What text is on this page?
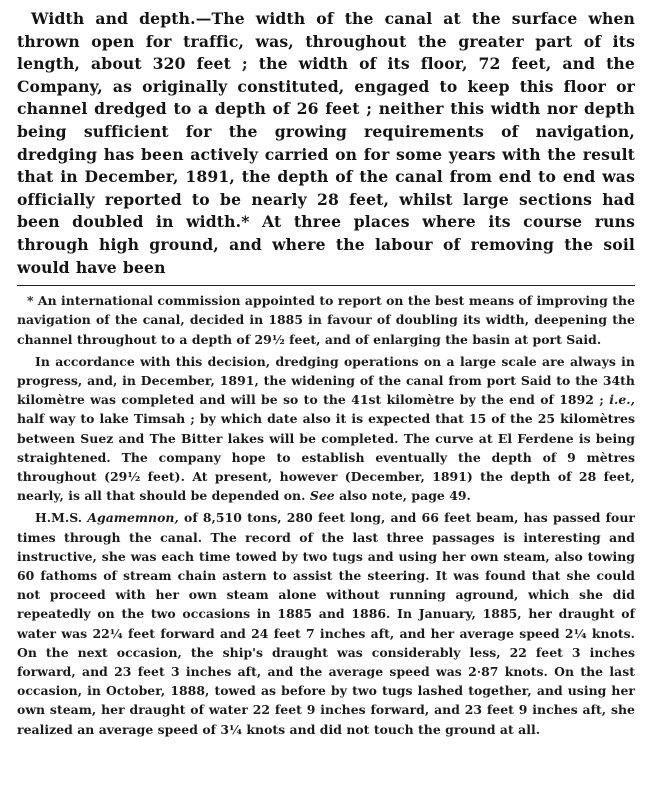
Width and depth.—The width of the canal at the surface when thrown open for traffic, was, throughout the greater part of its length, about 320 feet ; the width of its floor, 72 feet, and the Company, as originally constituted, engaged to keep this floor or channel dredged to a depth of 26 feet ; neither this width nor depth being sufficient for the growing requirements of navigation, dredging has been actively carried on for some years with the result that in December, 1891, the depth of the canal from end to end was officially reported to be nearly 28 feet, whilst large sections had been doubled in width.* At three places where its course runs through high ground, and where the labour of removing the soil would have been

* An international commission appointed to report on the best means of improving the navigation of the canal, decided in 1885 in favour of doubling its width, deepening the channel throughout to a depth of 29½ feet, and of enlarging the basin at port Said.

In accordance with this decision, dredging operations on a large scale are always in progress, and, in December, 1891, the widening of the canal from port Said to the 34th kilomètre was completed and will be so to the 41st kilomètre by the end of 1892 ; i.e., half way to lake Timsah ; by which date also it is expected that 15 of the 25 kilomètres between Suez and The Bitter lakes will be completed. The curve at El Ferdene is being straightened. The company hope to establish eventually the depth of 9 mètres throughout (29½ feet). At present, however (December, 1891) the depth of 28 feet, nearly, is all that should be depended on. See also note, page 49.

H.M.S. Agamemnon, of 8,510 tons, 280 feet long, and 66 feet beam, has passed four times through the canal. The record of the last three passages is interesting and instructive, she was each time towed by two tugs and using her own steam, also towing 60 fathoms of stream chain astern to assist the steering. It was found that she could not proceed with her own steam alone without running aground, which she did repeatedly on the two occasions in 1885 and 1886. In January, 1885, her draught of water was 22¼ feet forward and 24 feet 7 inches aft, and her average speed 2¼ knots. On the next occasion, the ship's draught was considerably less, 22 feet 3 inches forward, and 23 feet 3 inches aft, and the average speed was 2·87 knots. On the last occasion, in October, 1888, towed as before by two tugs lashed together, and using her own steam, her draught of water 22 feet 9 inches forward, and 23 feet 9 inches aft, she realized an average speed of 3¼ knots and did not touch the ground at all.
